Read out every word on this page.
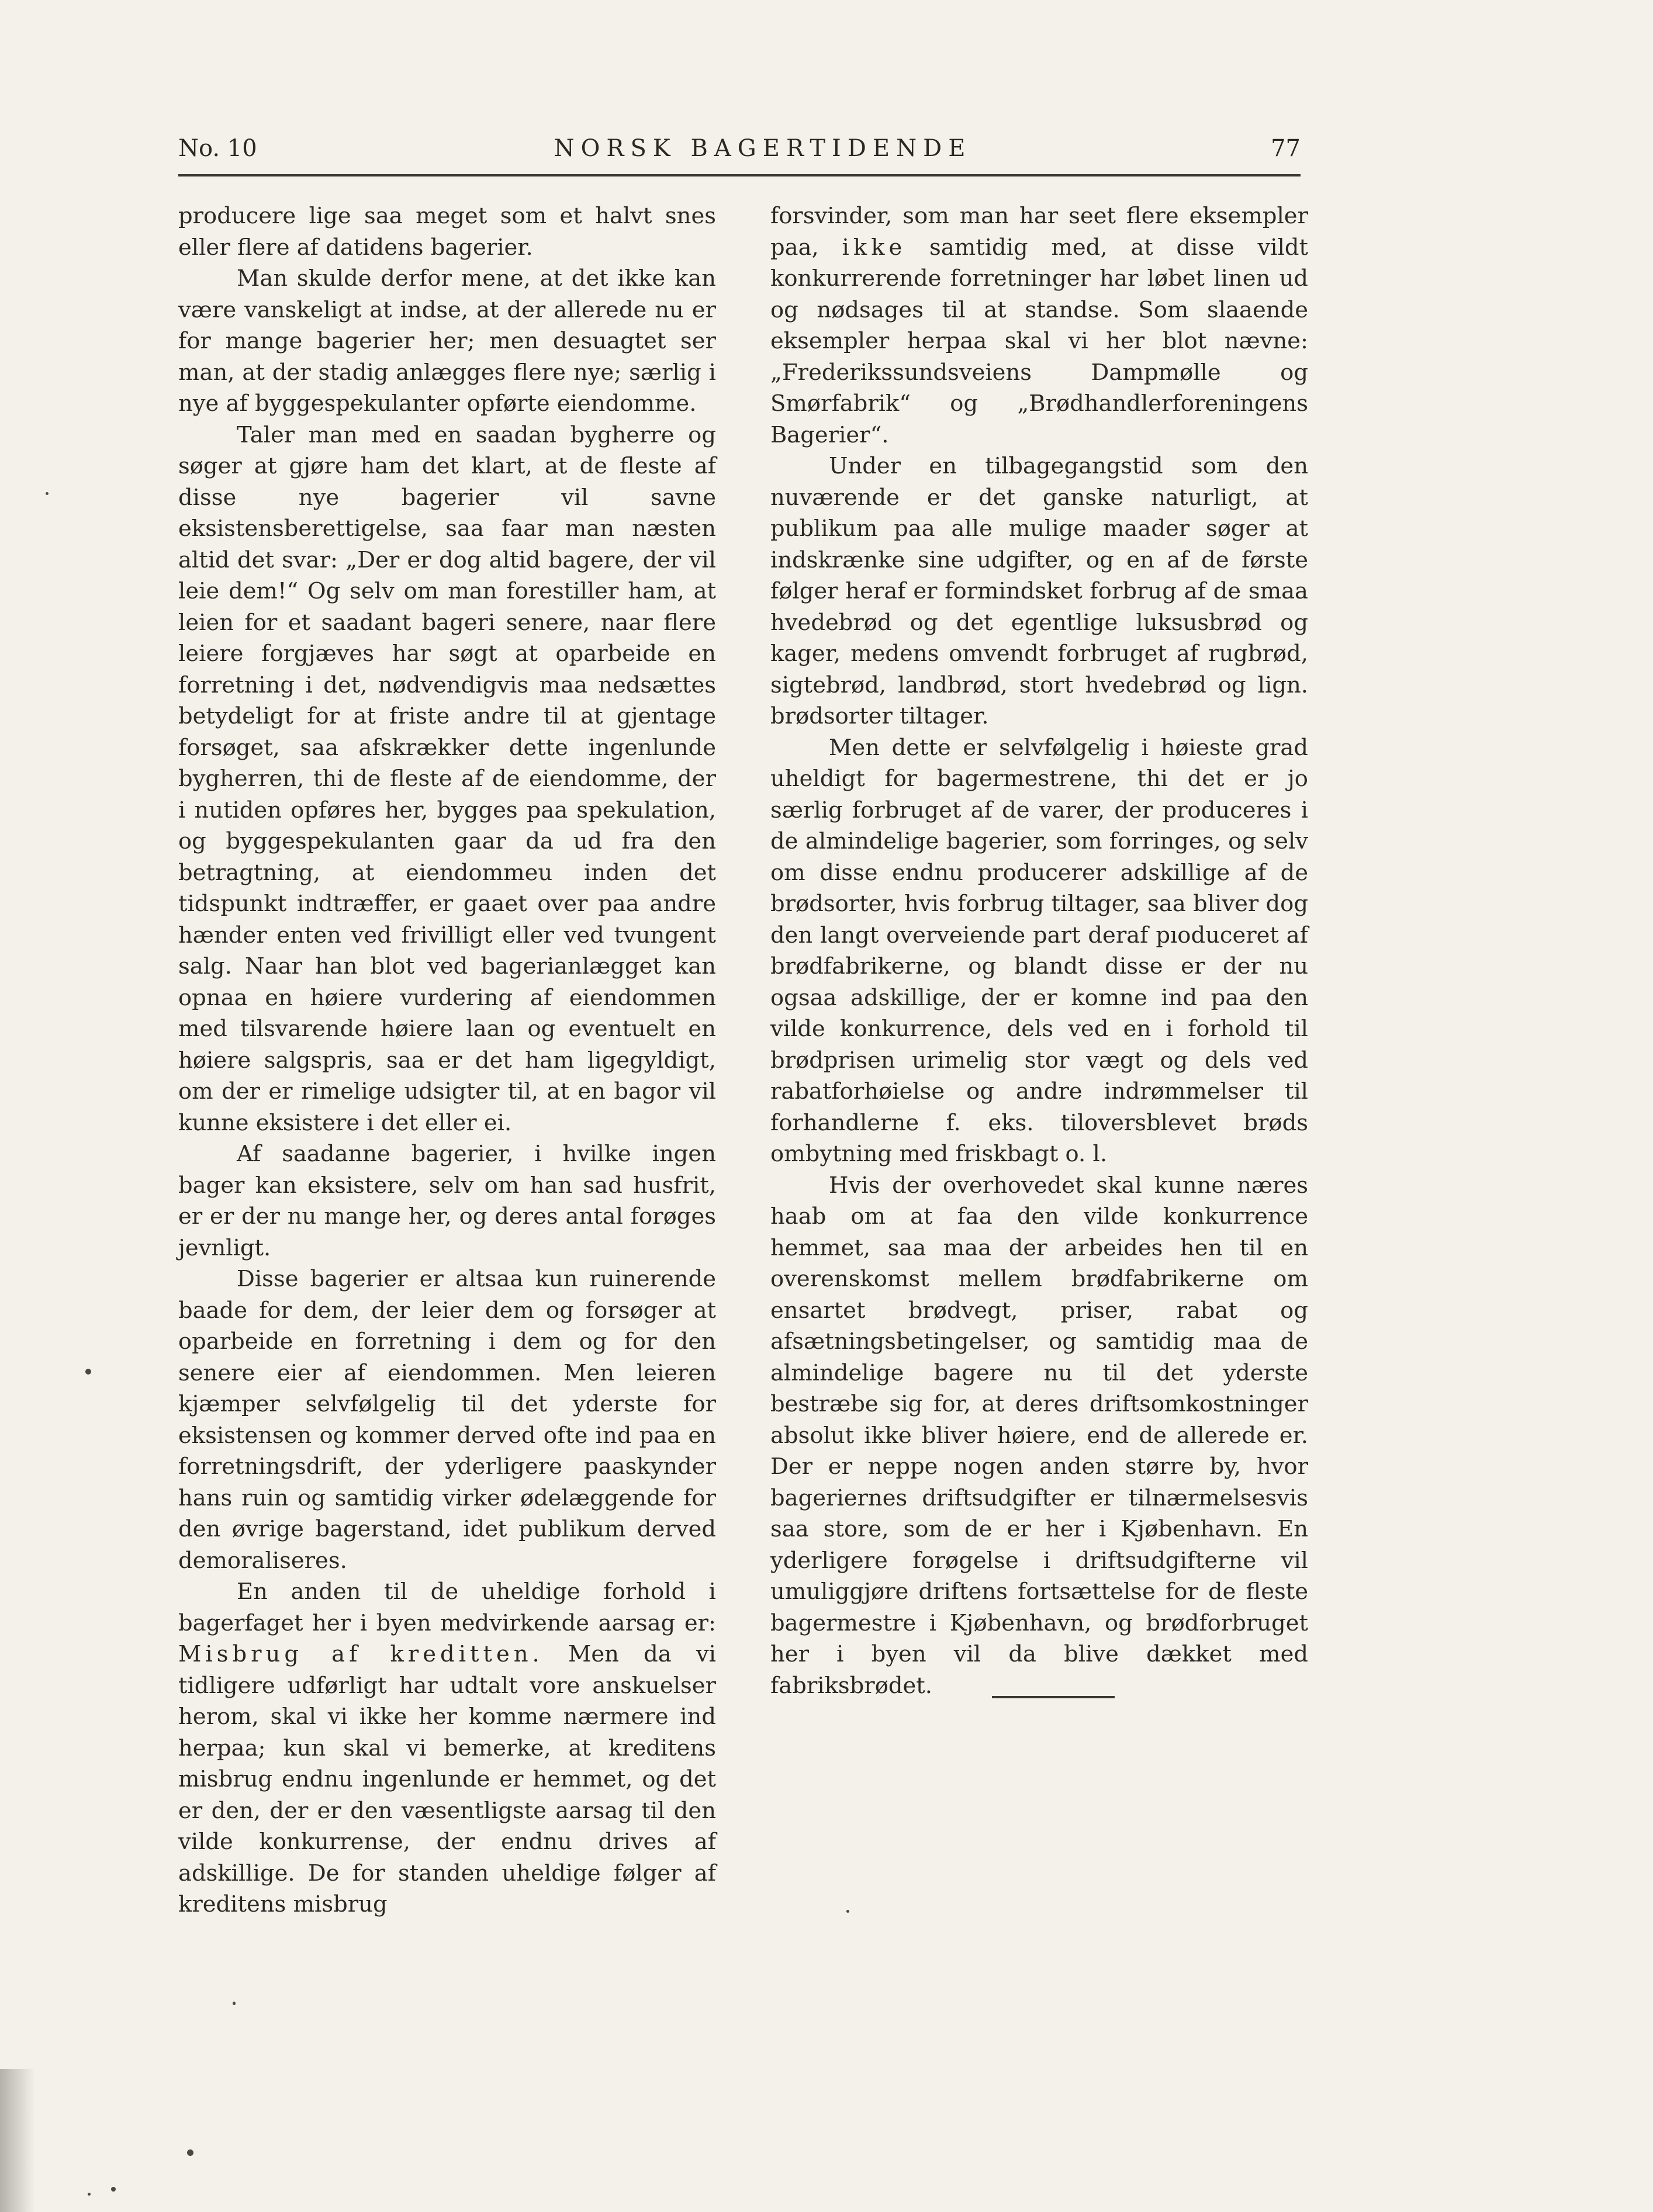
No. 10	NORSK BAGERTIDENDE	77

producere lige saa meget som et halvt snes eller flere af datidens bagerier.

Man skulde derfor mene, at det ikke kan være vanskeligt at indse, at der allerede nu er for mange bagerier her; men desuagtet ser man, at der stadig anlægges flere nye; særlig i nye af byggespekulanter opførte eiendomme.

Taler man med en saadan bygherre og søger at gjøre ham det klart, at de fleste af disse nye bagerier vil savne eksistensberettigelse, saa faar man næsten altid det svar: „Der er dog altid bagere, der vil leie dem!“ Og selv om man forestiller ham, at leien for et saadant bageri senere, naar flere leiere forgjæves har søgt at oparbeide en forretning i det, nødvendigvis maa nedsættes betydeligt for at friste andre til at gjentage forsøget, saa afskrækker dette ingenlunde bygherren, thi de fleste af de eiendomme, der i nutiden opføres her, bygges paa spekulation, og byggespekulanten gaar da ud fra den betragtning, at eiendommeu inden det tidspunkt indtræffer, er gaaet over paa andre hænder enten ved frivilligt eller ved tvungent salg. Naar han blot ved bagerianlægget kan opnaa en høiere vurdering af eiendommen med tilsvarende høiere laan og eventuelt en høiere salgspris, saa er det ham ligegyldigt, om der er rimelige udsigter til, at en bagor vil kunne eksistere i det eller ei.

Af saadanne bagerier, i hvilke ingen bager kan eksistere, selv om han sad husfrit, er er der nu mange her, og deres antal forøges jevnligt.

Disse bagerier er altsaa kun ruinerende baade for dem, der leier dem og forsøger at oparbeide en forretning i dem og for den senere eier af eiendommen. Men leieren kjæmper selvfølgelig til det yderste for eksistensen og kommer derved ofte ind paa en forretningsdrift, der yderligere paaskynder hans ruin og samtidig virker ødelæggende for den øvrige bagerstand, idet publikum derved demoraliseres.

En anden til de uheldige forhold i bagerfaget her i byen medvirkende aarsag er: Misbrug af kreditten. Men da vi tidligere udførligt har udtalt vore anskuelser herom, skal vi ikke her komme nærmere ind herpaa; kun skal vi bemerke, at kreditens misbrug endnu ingenlunde er hemmet, og det er den, der er den væsentligste aarsag til den vilde konkurrense, der endnu drives af adskillige. De for standen uheldige følger af kreditens misbrug

forsvinder, som man har seet flere eksempler paa, ikke samtidig med, at disse vildt konkurrerende forretninger har løbet linen ud og nødsages til at standse. Som slaaende eksempler herpaa skal vi her blot nævne: „Frederikssundsveiens Dampmølle og Smørfabrik“ og „Brødhandlerforeningens Bagerier“.

Under en tilbagegangstid som den nuværende er det ganske naturligt, at publikum paa alle mulige maader søger at indskrænke sine udgifter, og en af de første følger heraf er formindsket forbrug af de smaa hvedebrød og det egentlige luksusbrød og kager, medens omvendt forbruget af rugbrød, sigtebrød, landbrød, stort hvedebrød og lign. brødsorter tiltager.

Men dette er selvfølgelig i høieste grad uheldigt for bagermestrene, thi det er jo særlig forbruget af de varer, der produceres i de almindelige bagerier, som forringes, og selv om disse endnu producerer adskillige af de brødsorter, hvis forbrug tiltager, saa bliver dog den langt overveiende part deraf pıoduceret af brødfabrikerne, og blandt disse er der nu ogsaa adskillige, der er komne ind paa den vilde konkurrence, dels ved en i forhold til brødprisen urimelig stor vægt og dels ved rabatforhøielse og andre indrømmelser til forhandlerne f. eks. tiloversblevet brøds ombytning med friskbagt o. l.

Hvis der overhovedet skal kunne næres haab om at faa den vilde konkurrence hemmet, saa maa der arbeides hen til en overenskomst mellem brødfabrikerne om ensartet brødvegt, priser, rabat og afsætningsbetingelser, og samtidig maa de almindelige bagere nu til det yderste bestræbe sig for, at deres driftsomkostninger absolut ikke bliver høiere, end de allerede er. Der er neppe nogen anden større by, hvor bageriernes driftsudgifter er tilnærmelsesvis saa store, som de er her i Kjøbenhavn. En yderligere forøgelse i driftsudgifterne vil umuliggjøre driftens fortsættelse for de fleste bagermestre i Kjøbenhavn, og brødforbruget her i byen vil da blive dækket med fabriksbrødet.
